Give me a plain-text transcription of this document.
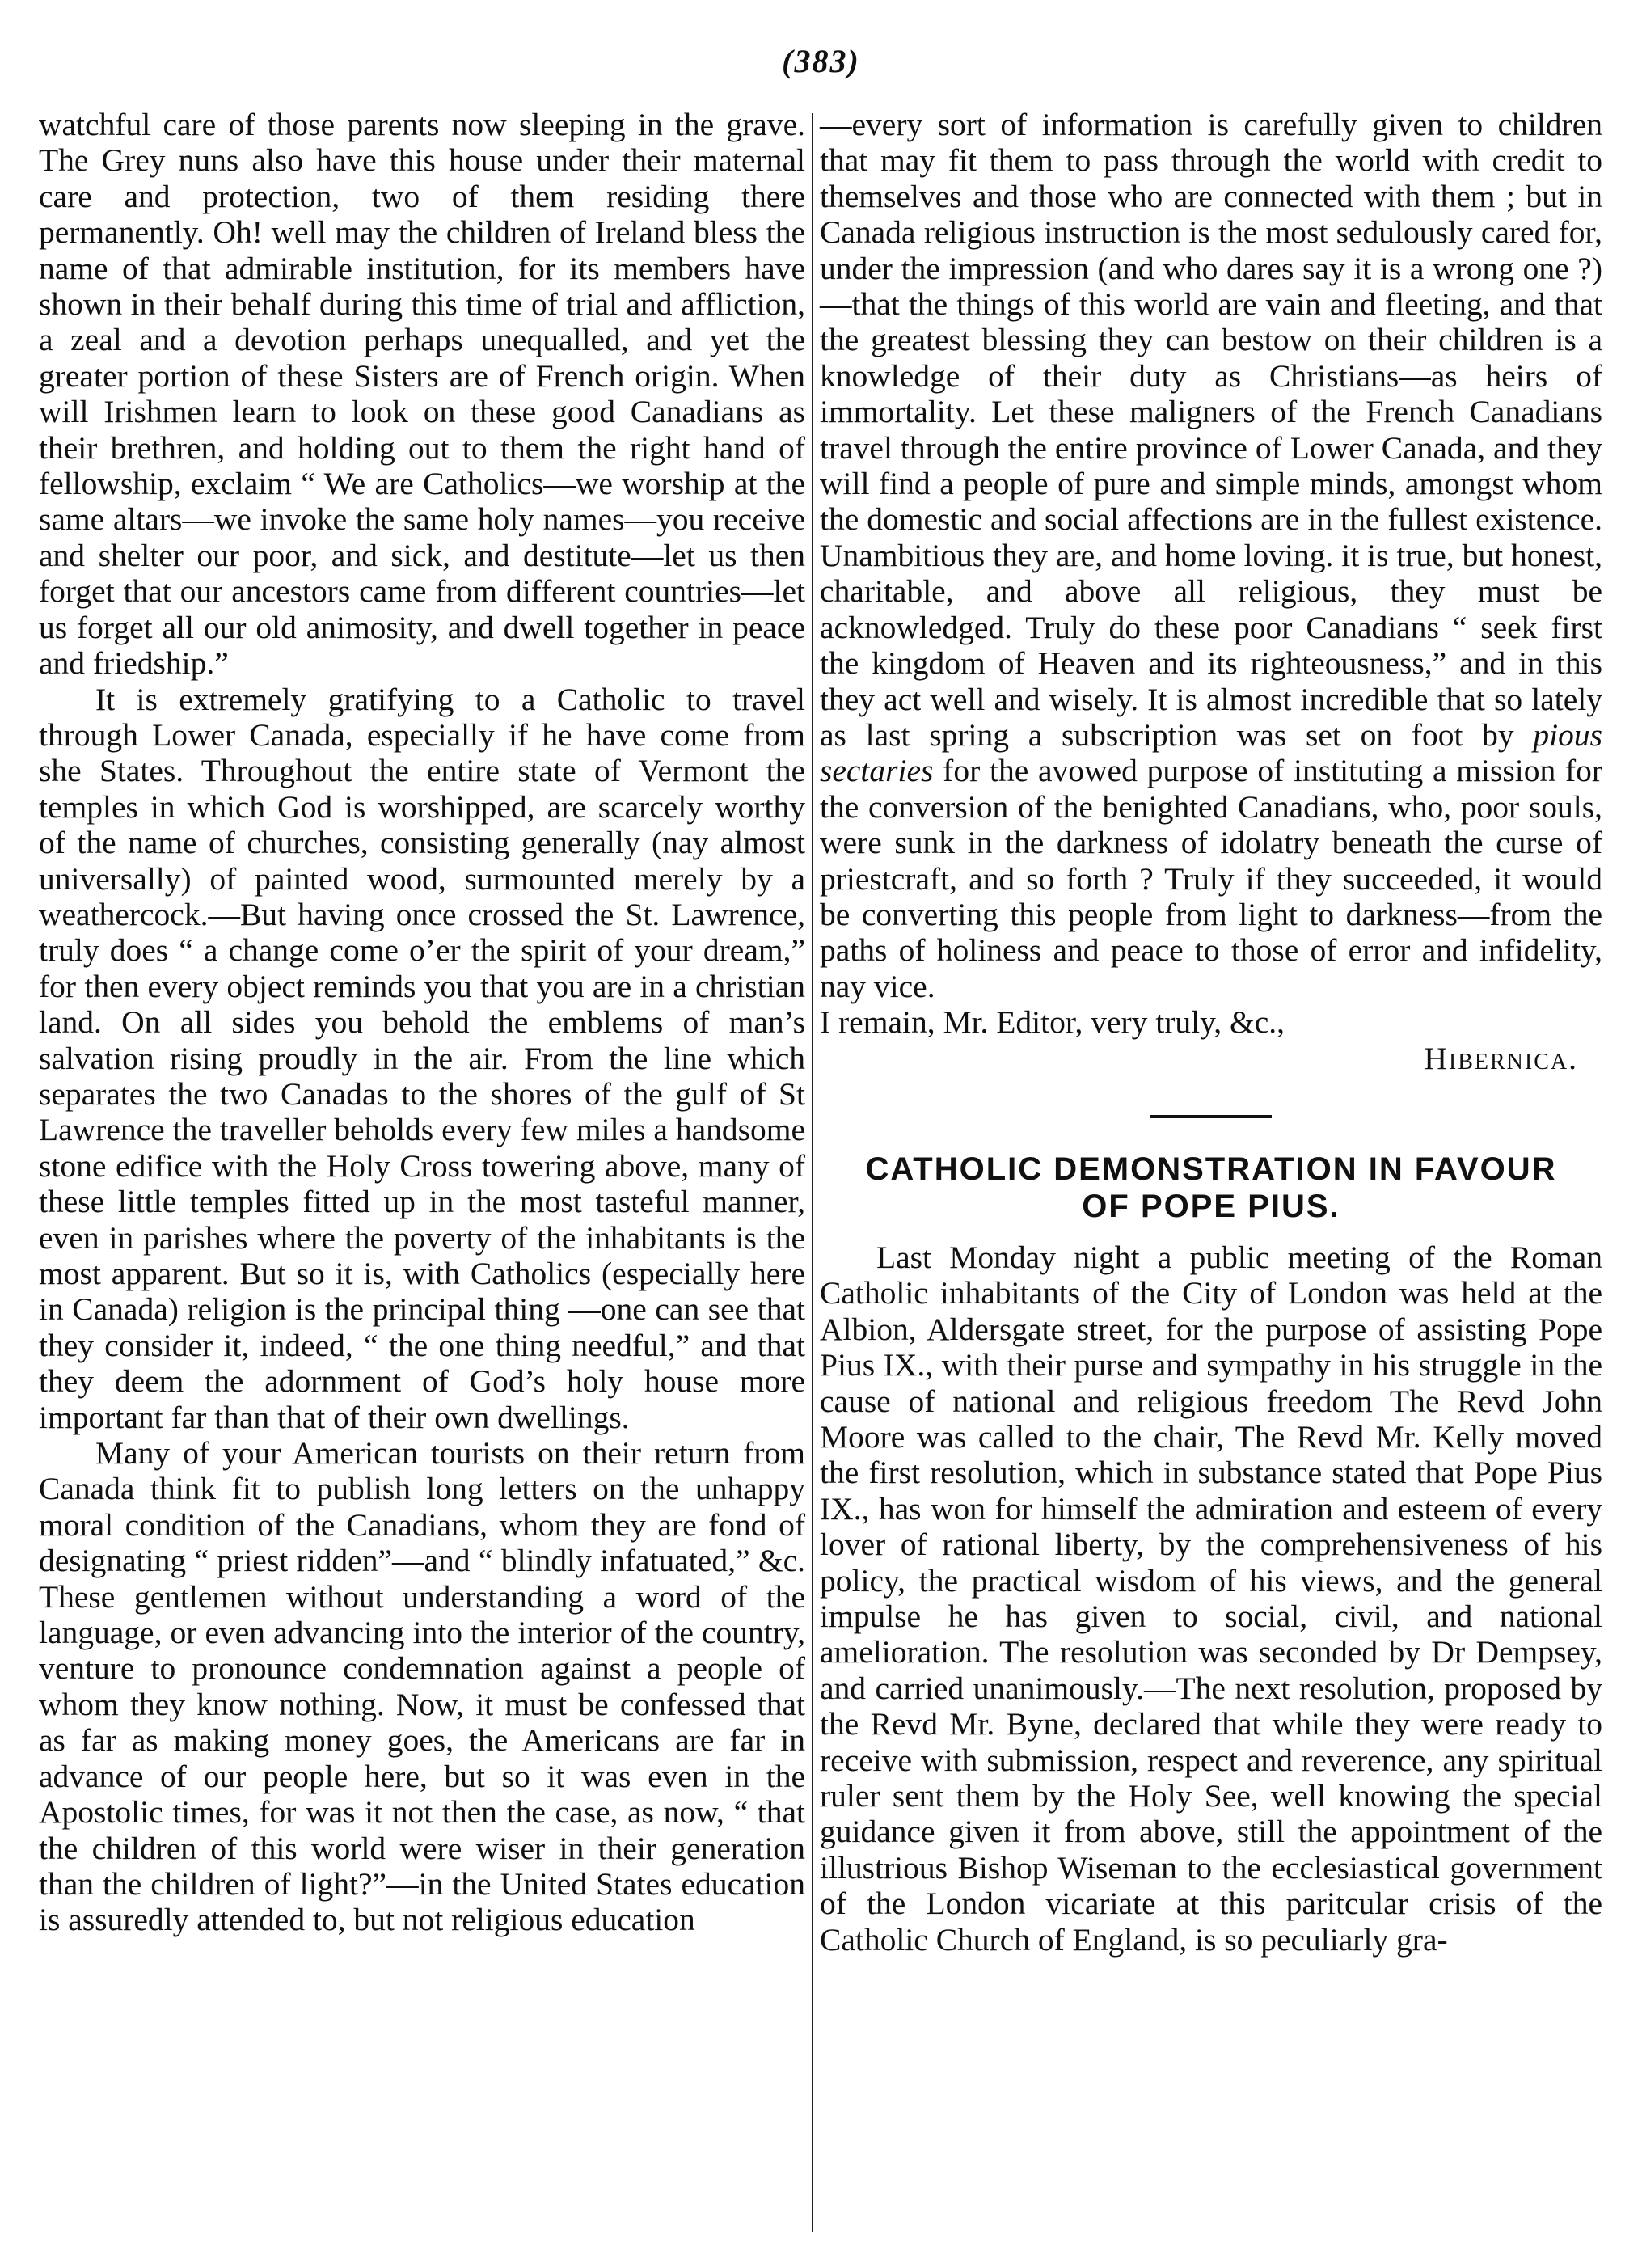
(383)

watchful care of those parents now sleeping in the grave. The Grey nuns also have this house under their maternal care and protection, two of them residing there permanently. Oh! well may the children of Ireland bless the name of that admirable institution, for its members have shown in their behalf during this time of trial and affliction, a zeal and a devotion perhaps unequalled, and yet the greater portion of these Sisters are of French origin. When will Irishmen learn to look on these good Canadians as their brethren, and holding out to them the right hand of fellowship, exclaim “ We are Catholics—we worship at the same altars—we invoke the same holy names—you receive and shelter our poor, and sick, and destitute—let us then forget that our ancestors came from different countries—let us forget all our old animosity, and dwell together in peace and friedship.”

It is extremely gratifying to a Catholic to travel through Lower Canada, especially if he have come from she States. Throughout the entire state of Vermont the temples in which God is worshipped, are scarcely worthy of the name of churches, consisting generally (nay almost universally) of painted wood, surmounted merely by a weathercock.—But having once crossed the St. Lawrence, truly does “ a change come o’er the spirit of your dream,” for then every object reminds you that you are in a christian land. On all sides you behold the emblems of man’s salvation rising proudly in the air. From the line which separates the two Canadas to the shores of the gulf of St Lawrence the traveller beholds every few miles a handsome stone edifice with the Holy Cross towering above, many of these little temples fitted up in the most tasteful manner, even in parishes where the poverty of the inhabitants is the most apparent. But so it is, with Catholics (especially here in Canada) religion is the principal thing —one can see that they consider it, indeed, “ the one thing needful,” and that they deem the adornment of God’s holy house more important far than that of their own dwellings.

Many of your American tourists on their return from Canada think fit to publish long letters on the unhappy moral condition of the Canadians, whom they are fond of designating “ priest ridden”—and “ blindly infatuated,” &c. These gentlemen without understanding a word of the language, or even advancing into the interior of the country, venture to pronounce condemnation against a people of whom they know nothing. Now, it must be confessed that as far as making money goes, the Americans are far in advance of our people here, but so it was even in the Apostolic times, for was it not then the case, as now, “ that the children of this world were wiser in their generation than the children of light?”—in the United States education is assuredly attended to, but not religious education

—every sort of information is carefully given to children that may fit them to pass through the world with credit to themselves and those who are connected with them ; but in Canada religious instruction is the most sedulously cared for, under the impression (and who dares say it is a wrong one ?)—that the things of this world are vain and fleeting, and that the greatest blessing they can bestow on their children is a knowledge of their duty as Christians—as heirs of immortality. Let these maligners of the French Canadians travel through the entire province of Lower Canada, and they will find a people of pure and simple minds, amongst whom the domestic and social affections are in the fullest existence. Unambitious they are, and home loving. it is true, but honest, charitable, and above all religious, they must be acknowledged. Truly do these poor Canadians “ seek first the kingdom of Heaven and its righteousness,” and in this they act well and wisely. It is almost incredible that so lately as last spring a subscription was set on foot by pious sectaries for the avowed purpose of instituting a mission for the conversion of the benighted Canadians, who, poor souls, were sunk in the darkness of idolatry beneath the curse of priestcraft, and so forth ? Truly if they succeeded, it would be converting this people from light to darkness—from the paths of holiness and peace to those of error and infidelity, nay vice.

I remain, Mr. Editor, very truly, &c.,

Hibernica.

CATHOLIC DEMONSTRATION IN FAVOUR
OF POPE PIUS.

Last Monday night a public meeting of the Roman Catholic inhabitants of the City of London was held at the Albion, Aldersgate street, for the purpose of assisting Pope Pius IX., with their purse and sympathy in his struggle in the cause of national and religious freedom The Revd John Moore was called to the chair, The Revd Mr. Kelly moved the first resolution, which in substance stated that Pope Pius IX., has won for himself the admiration and esteem of every lover of rational liberty, by the comprehensiveness of his policy, the practical wisdom of his views, and the general impulse he has given to social, civil, and national amelioration. The resolution was seconded by Dr Dempsey, and carried unanimously.—The next resolution, proposed by the Revd Mr. Byne, declared that while they were ready to receive with submission, respect and reverence, any spiritual ruler sent them by the Holy See, well knowing the special guidance given it from above, still the appointment of the illustrious Bishop Wiseman to the ecclesiastical government of the London vicariate at this paritcular crisis of the Catholic Church of England, is so peculiarly gra-
